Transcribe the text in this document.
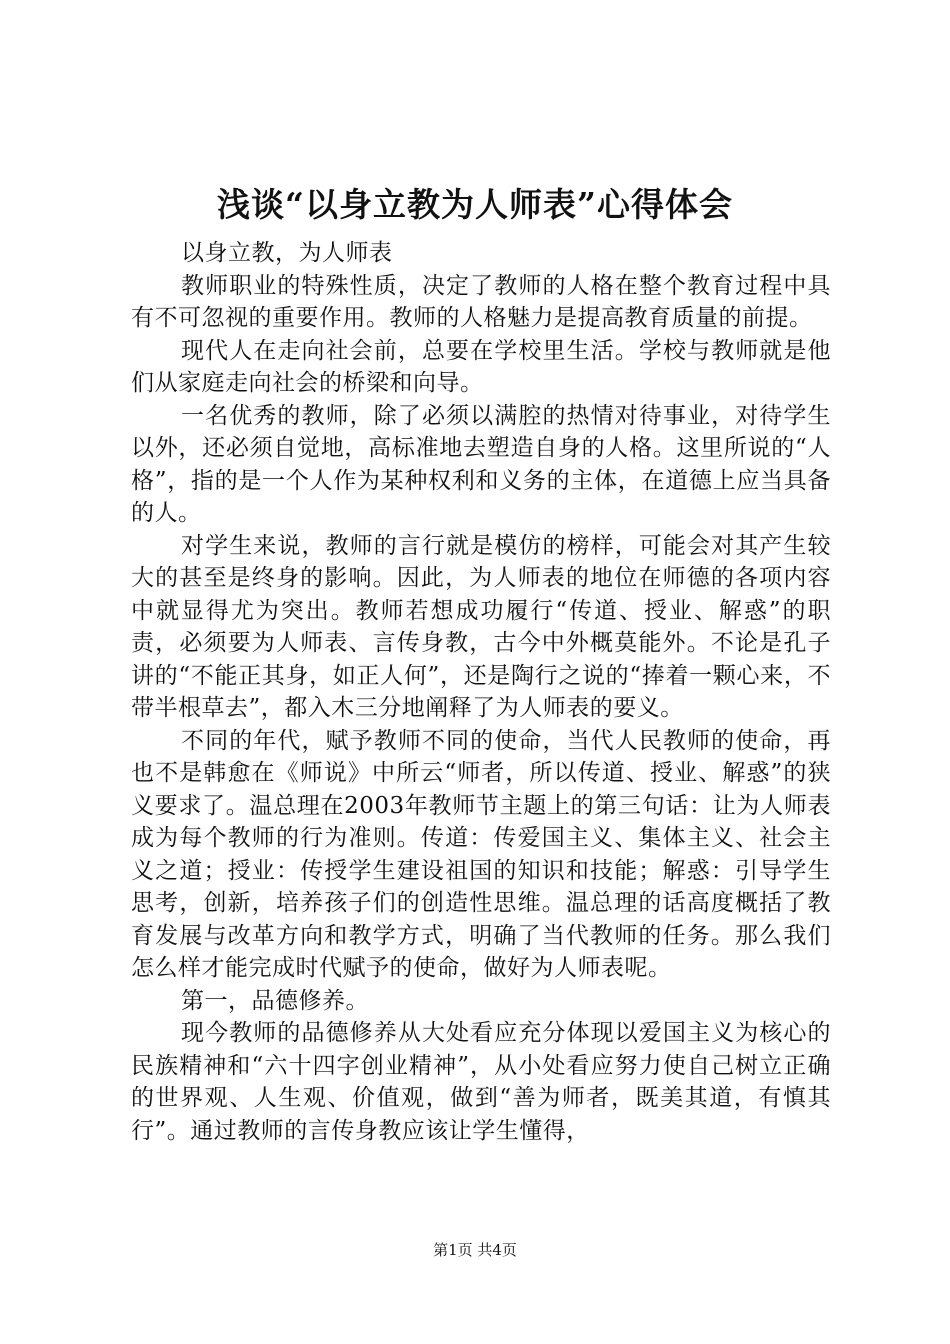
浅谈“以身立教为人师表”心得体会

以身立教，为人师表

教师职业的特殊性质，决定了教师的人格在整个教育过程中具有不可忽视的重要作用。教师的人格魅力是提高教育质量的前提。

现代人在走向社会前，总要在学校里生活。学校与教师就是他们从家庭走向社会的桥梁和向导。

一名优秀的教师，除了必须以满腔的热情对待事业，对待学生以外，还必须自觉地，高标准地去塑造自身的人格。这里所说的“人格”，指的是一个人作为某种权利和义务的主体，在道德上应当具备的人。

对学生来说，教师的言行就是模仿的榜样，可能会对其产生较大的甚至是终身的影响。因此，为人师表的地位在师德的各项内容中就显得尤为突出。教师若想成功履行“传道、授业、解惑”的职责，必须要为人师表、言传身教，古今中外概莫能外。不论是孔子讲的“不能正其身，如正人何”，还是陶行之说的“捧着一颗心来，不带半根草去”，都入木三分地阐释了为人师表的要义。

不同的年代，赋予教师不同的使命，当代人民教师的使命，再也不是韩愈在《师说》中所云“师者，所以传道、授业、解惑”的狭义要求了。温总理在2003年教师节主题上的第三句话：让为人师表成为每个教师的行为准则。传道：传爱国主义、集体主义、社会主义之道；授业：传授学生建设祖国的知识和技能；解惑：引导学生思考，创新，培养孩子们的创造性思维。温总理的话高度概括了教育发展与改革方向和教学方式，明确了当代教师的任务。那么我们怎么样才能完成时代赋予的使命，做好为人师表呢。

第一，品德修养。

现今教师的品德修养从大处看应充分体现以爱国主义为核心的民族精神和“六十四字创业精神”，从小处看应努力使自己树立正确的世界观、人生观、价值观，做到“善为师者，既美其道，有慎其行”。通过教师的言传身教应该让学生懂得，

第1页 共4页
